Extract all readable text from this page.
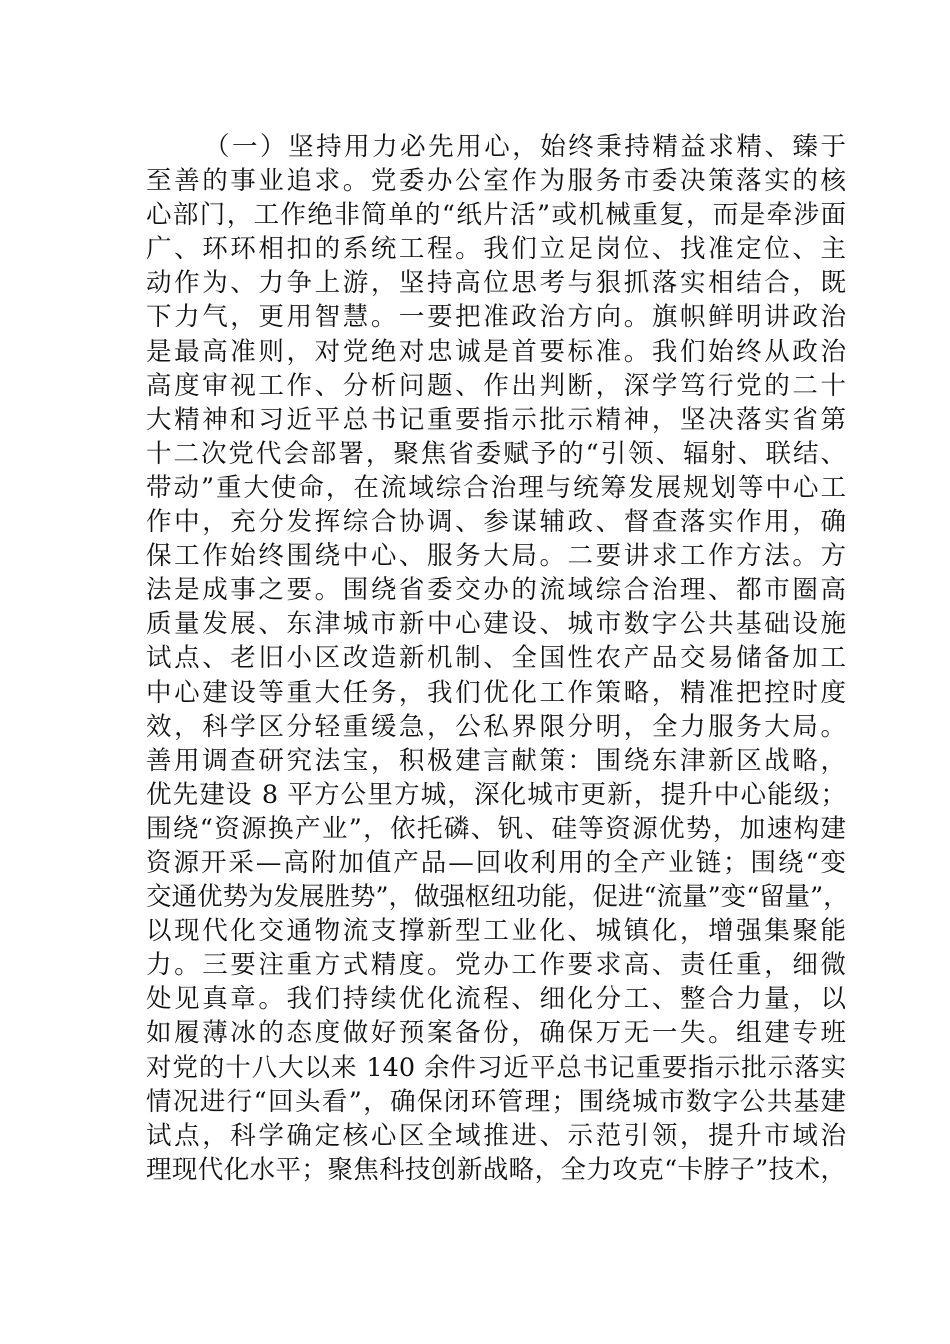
（一）坚持用力必先用心，始终秉持精益求精、臻于
至善的事业追求。党委办公室作为服务市委决策落实的核
心部门，工作绝非简单的“纸片活”或机械重复，而是牵涉面
广、环环相扣的系统工程。我们立足岗位、找准定位、主
动作为、力争上游，坚持高位思考与狠抓落实相结合，既
下力气，更用智慧。一要把准政治方向。旗帜鲜明讲政治
是最高准则，对党绝对忠诚是首要标准。我们始终从政治
高度审视工作、分析问题、作出判断，深学笃行党的二十
大精神和习近平总书记重要指示批示精神，坚决落实省第
十二次党代会部署，聚焦省委赋予的“引领、辐射、联结、
带动”重大使命，在流域综合治理与统筹发展规划等中心工
作中，充分发挥综合协调、参谋辅政、督查落实作用，确
保工作始终围绕中心、服务大局。二要讲求工作方法。方
法是成事之要。围绕省委交办的流域综合治理、都市圈高
质量发展、东津城市新中心建设、城市数字公共基础设施
试点、老旧小区改造新机制、全国性农产品交易储备加工
中心建设等重大任务，我们优化工作策略，精准把控时度
效，科学区分轻重缓急，公私界限分明，全力服务大局。
善用调查研究法宝，积极建言献策：围绕东津新区战略，
优先建设 8 平方公里方城，深化城市更新，提升中心能级；
围绕“资源换产业”，依托磷、钒、硅等资源优势，加速构建
资源开采—高附加值产品—回收利用的全产业链；围绕“变
交通优势为发展胜势”，做强枢纽功能，促进“流量”变“留量”，
以现代化交通物流支撑新型工业化、城镇化，增强集聚能
力。三要注重方式精度。党办工作要求高、责任重，细微
处见真章。我们持续优化流程、细化分工、整合力量，以
如履薄冰的态度做好预案备份，确保万无一失。组建专班
对党的十八大以来 140 余件习近平总书记重要指示批示落实
情况进行“回头看”，确保闭环管理；围绕城市数字公共基建
试点，科学确定核心区全域推进、示范引领，提升市域治
理现代化水平；聚焦科技创新战略，全力攻克“卡脖子”技术，
